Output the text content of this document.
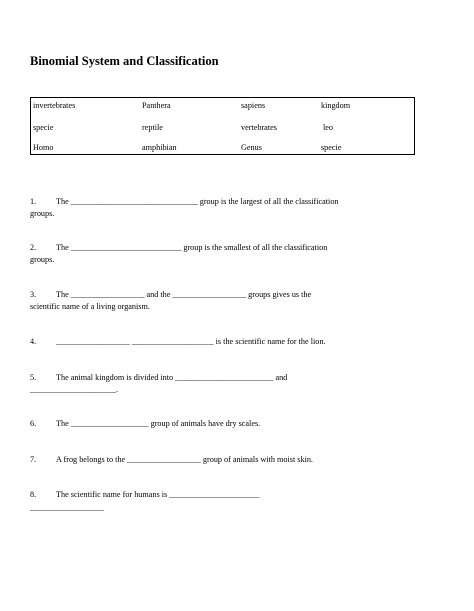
Binomial System and Classification
invertebrates	Panthera	sapiens	kingdom
specie	reptile	vertebrates	leo
Homo	amphibian	Genus	specie
1. The _______________________________ group is the largest of all the classification
groups.
2. The ___________________________ group is the smallest of all the classification
groups.
3. The __________________ and the __________________ groups gives us the
scientific name of a living organism.
4. __________________ ____________________ is the scientific name for the lion.
5. The animal kingdom is divided into ________________________ and
_____________________.
6. The ___________________ group of animals have dry scales.
7. A frog belongs to the __________________ group of animals with moist skin.
8. The scientific name for humans is ______________________
__________________
